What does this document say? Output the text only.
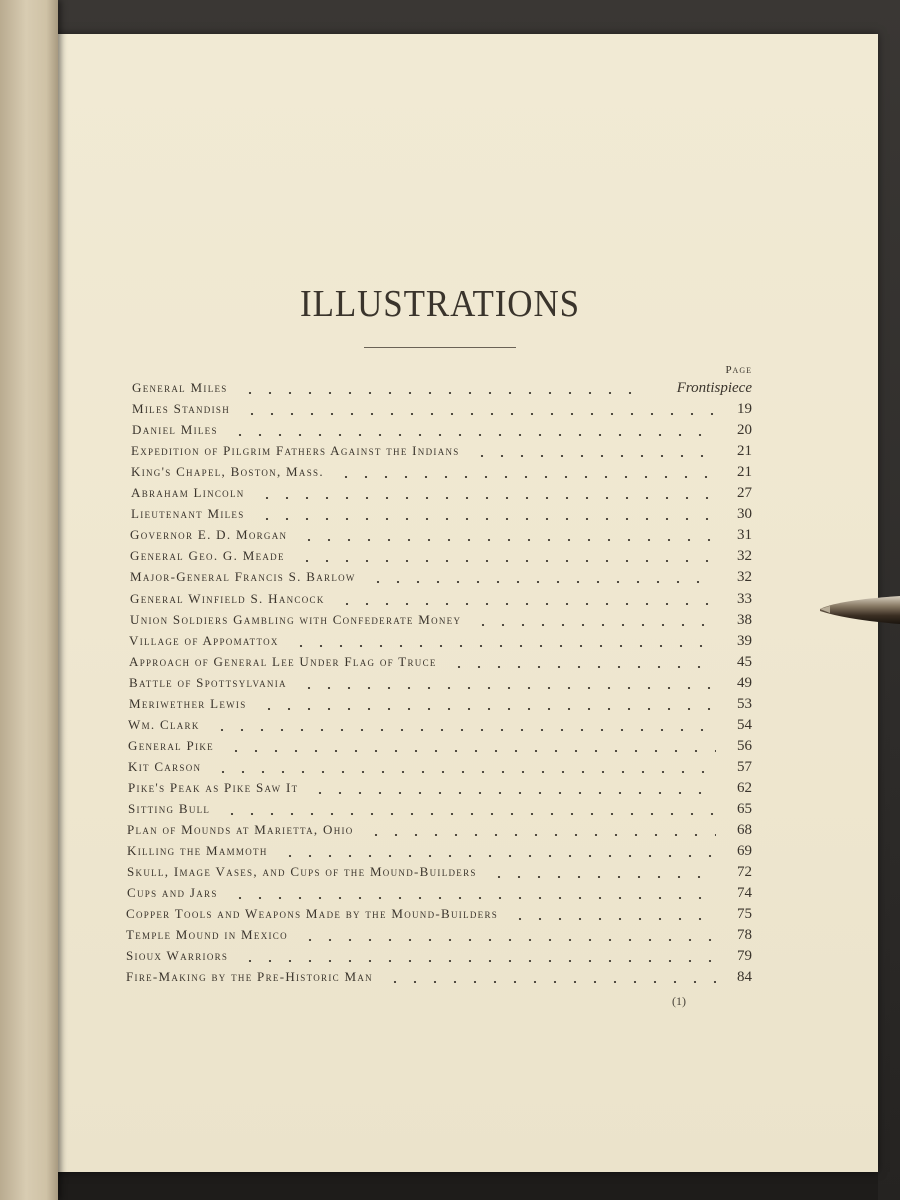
ILLUSTRATIONS
Page
General Miles	Frontispiece
Miles Standish	19
Daniel Miles	20
Expedition of Pilgrim Fathers Against the Indians	21
King's Chapel, Boston, Mass.	21
Abraham Lincoln	27
Lieutenant Miles	30
Governor E. D. Morgan	31
General Geo. G. Meade	32
Major-General Francis S. Barlow	32
General Winfield S. Hancock	33
Union Soldiers Gambling with Confederate Money	38
Village of Appomattox	39
Approach of General Lee Under Flag of Truce	45
Battle of Spottsylvania	49
Meriwether Lewis	53
Wm. Clark	54
General Pike	56
Kit Carson	57
Pike's Peak as Pike Saw It	62
Sitting Bull	65
Plan of Mounds at Marietta, Ohio	68
Killing the Mammoth	69
Skull, Image Vases, and Cups of the Mound-Builders	72
Cups and Jars	74
Copper Tools and Weapons Made by the Mound-Builders	75
Temple Mound in Mexico	78
Sioux Warriors	79
Fire-Making by the Pre-Historic Man	84
(1)
